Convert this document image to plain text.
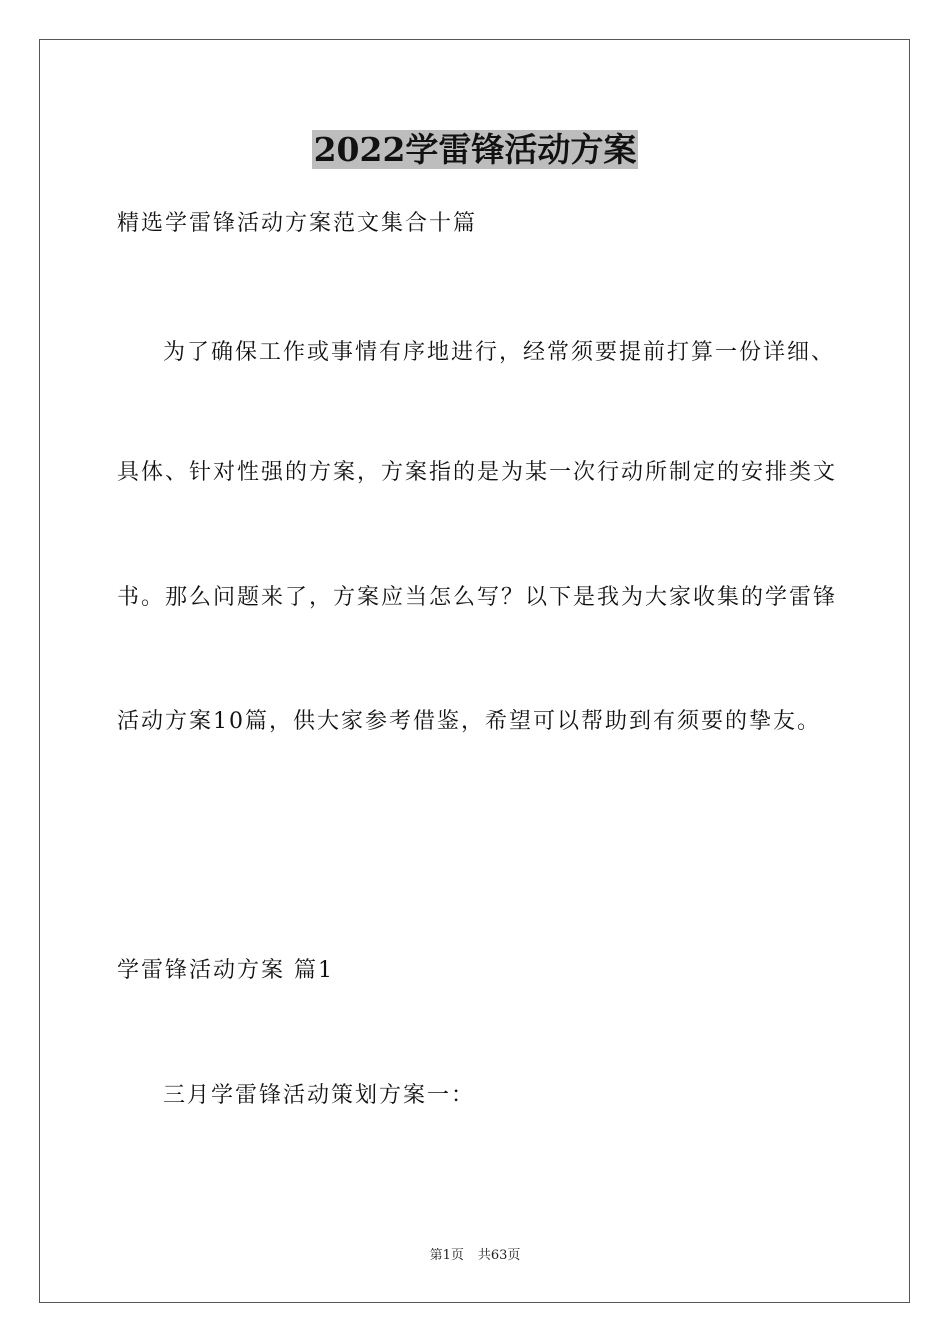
2022学雷锋活动方案
精选学雷锋活动方案范文集合十篇
为了确保工作或事情有序地进行，经常须要提前打算一份详细、
具体、针对性强的方案，方案指的是为某一次行动所制定的安排类文
书。那么问题来了，方案应当怎么写？以下是我为大家收集的学雷锋
活动方案10篇，供大家参考借鉴，希望可以帮助到有须要的挚友。
学雷锋活动方案 篇1
三月学雷锋活动策划方案一：
第1页 共63页
